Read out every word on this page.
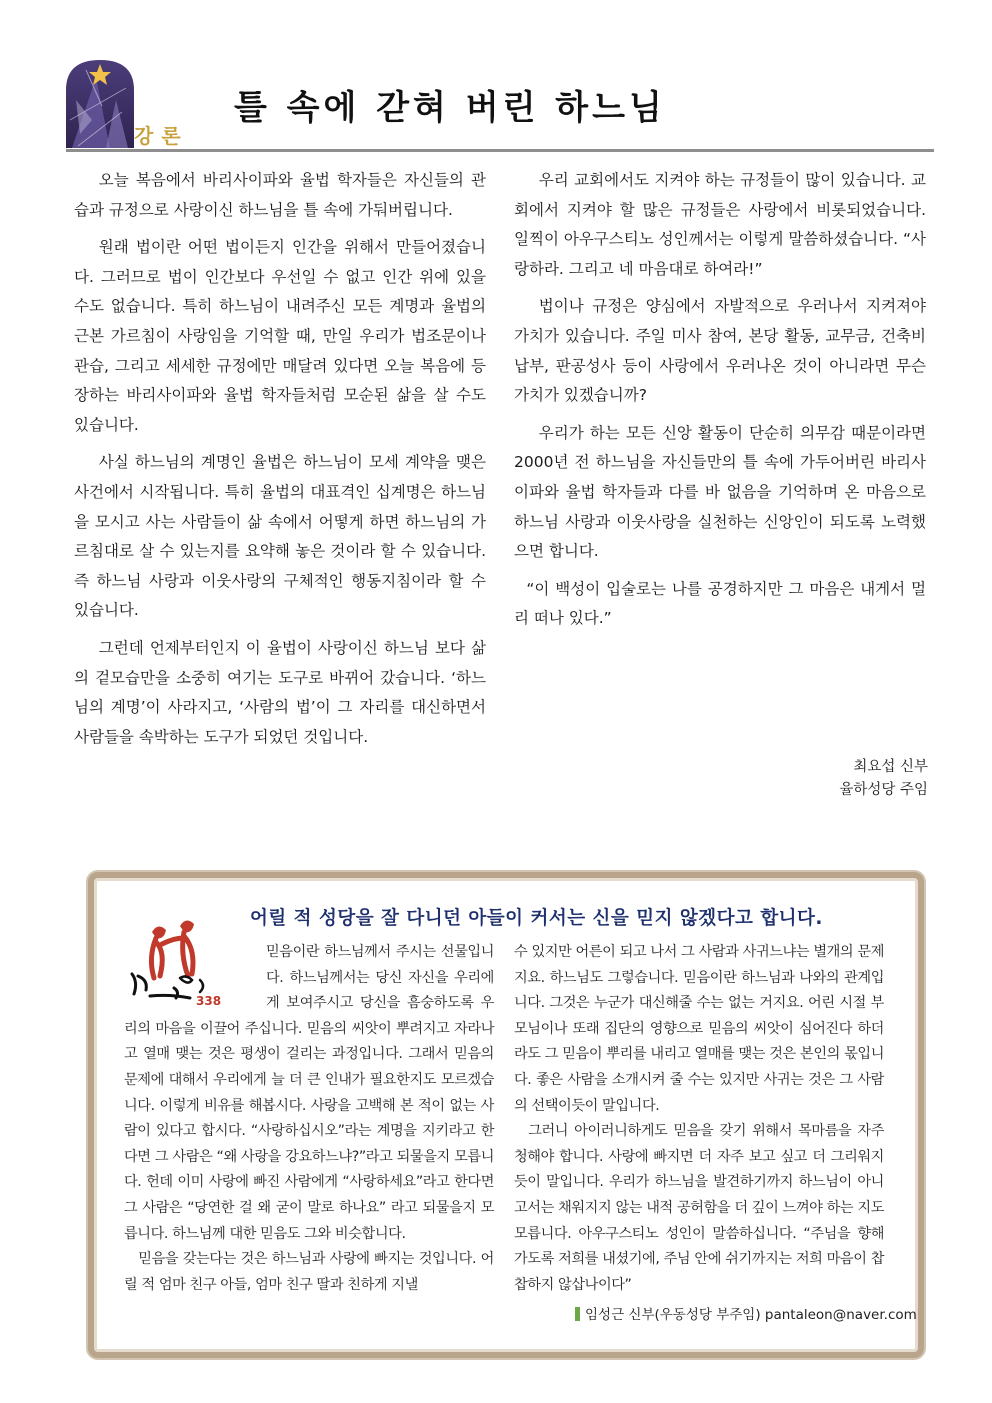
강론
틀 속에 갇혀 버린 하느님

오늘 복음에서 바리사이파와 율법 학자들은 자신들의 관습과 규정으로 사랑이신 하느님을 틀 속에 가둬버립니다.

원래 법이란 어떤 법이든지 인간을 위해서 만들어졌습니다. 그러므로 법이 인간보다 우선일 수 없고 인간 위에 있을 수도 없습니다. 특히 하느님이 내려주신 모든 계명과 율법의 근본 가르침이 사랑임을 기억할 때, 만일 우리가 법조문이나 관습, 그리고 세세한 규정에만 매달려 있다면 오늘 복음에 등장하는 바리사이파와 율법 학자들처럼 모순된 삶을 살 수도 있습니다.

사실 하느님의 계명인 율법은 하느님이 모세 계약을 맺은 사건에서 시작됩니다. 특히 율법의 대표격인 십계명은 하느님을 모시고 사는 사람들이 삶 속에서 어떻게 하면 하느님의 가르침대로 살 수 있는지를 요약해 놓은 것이라 할 수 있습니다. 즉 하느님 사랑과 이웃사랑의 구체적인 행동지침이라 할 수 있습니다.

그런데 언제부터인지 이 율법이 사랑이신 하느님 보다 삶의 겉모습만을 소중히 여기는 도구로 바뀌어 갔습니다. ‘하느님의 계명’이 사라지고, ‘사람의 법’이 그 자리를 대신하면서 사람들을 속박하는 도구가 되었던 것입니다.

우리 교회에서도 지켜야 하는 규정들이 많이 있습니다. 교회에서 지켜야 할 많은 규정들은 사랑에서 비롯되었습니다. 일찍이 아우구스티노 성인께서는 이렇게 말씀하셨습니다. “사랑하라. 그리고 네 마음대로 하여라!”

법이나 규정은 양심에서 자발적으로 우러나서 지켜져야 가치가 있습니다. 주일 미사 참여, 본당 활동, 교무금, 건축비 납부, 판공성사 등이 사랑에서 우러나온 것이 아니라면 무슨 가치가 있겠습니까?

우리가 하는 모든 신앙 활동이 단순히 의무감 때문이라면 2000년 전 하느님을 자신들만의 틀 속에 가두어버린 바리사이파와 율법 학자들과 다를 바 없음을 기억하며 온 마음으로 하느님 사랑과 이웃사랑을 실천하는 신앙인이 되도록 노력했으면 합니다.

“이 백성이 입술로는 나를 공경하지만 그 마음은 내게서 멀리 떠나 있다.”

최요섭 신부
율하성당 주임
338
어릴 적 성당을 잘 다니던 아들이 커서는 신을 믿지 않겠다고 합니다.

믿음이란 하느님께서 주시는 선물입니다. 하느님께서는 당신 자신을 우리에게 보여주시고 당신을 흠숭하도록 우리의 마음을 이끌어 주십니다. 믿음의 씨앗이 뿌려지고 자라나고 열매 맺는 것은 평생이 걸리는 과정입니다. 그래서 믿음의 문제에 대해서 우리에게 늘 더 큰 인내가 필요한지도 모르겠습니다. 이렇게 비유를 해봅시다. 사랑을 고백해 본 적이 없는 사람이 있다고 합시다. “사랑하십시오”라는 계명을 지키라고 한다면 그 사람은 “왜 사랑을 강요하느냐?”라고 되물을지 모릅니다. 헌데 이미 사랑에 빠진 사람에게 “사랑하세요”라고 한다면 그 사람은 “당연한 걸 왜 굳이 말로 하나요” 라고 되물을지 모릅니다. 하느님께 대한 믿음도 그와 비슷합니다.

믿음을 갖는다는 것은 하느님과 사랑에 빠지는 것입니다. 어릴 적 엄마 친구 아들, 엄마 친구 딸과 친하게 지낼

수 있지만 어른이 되고 나서 그 사람과 사귀느냐는 별개의 문제지요. 하느님도 그렇습니다. 믿음이란 하느님과 나와의 관계입니다. 그것은 누군가 대신해줄 수는 없는 거지요. 어린 시절 부모님이나 또래 집단의 영향으로 믿음의 씨앗이 심어진다 하더라도 그 믿음이 뿌리를 내리고 열매를 맺는 것은 본인의 몫입니다. 좋은 사람을 소개시켜 줄 수는 있지만 사귀는 것은 그 사람의 선택이듯이 말입니다.

그러니 아이러니하게도 믿음을 갖기 위해서 목마름을 자주 청해야 합니다. 사랑에 빠지면 더 자주 보고 싶고 더 그리워지듯이 말입니다. 우리가 하느님을 발견하기까지 하느님이 아니고서는 채워지지 않는 내적 공허함을 더 깊이 느껴야 하는 지도 모릅니다. 아우구스티노 성인이 말씀하십니다. “주님을 향해 가도록 저희를 내셨기에, 주님 안에 쉬기까지는 저희 마음이 찹찹하지 않삽나이다”

임성근 신부(우동성당 부주임) pantaleon@naver.com
